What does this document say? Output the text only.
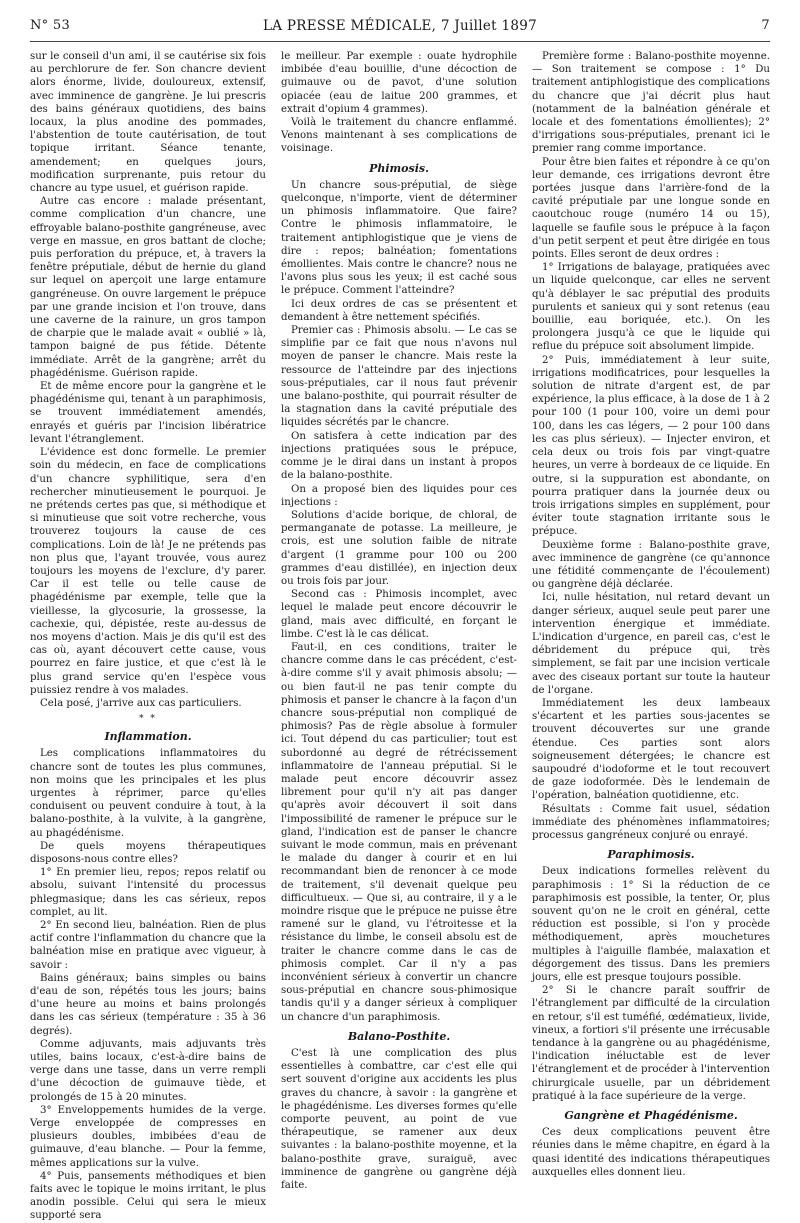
N° 53	LA PRESSE MÉDICALE, 7 Juillet 1897	7

sur le conseil d'un ami, il se cautérise six fois au perchlorure de fer. Son chancre devient alors énorme, livide, douloureux, extensif, avec imminence de gangrène. Je lui prescris des bains généraux quotidiens, des bains locaux, la plus anodine des pommades, l'abstention de toute cautérisation, de tout topique irritant. Séance tenante, amendement; en quelques jours, modification surprenante, puis retour du chancre au type usuel, et guérison rapide.

Autre cas encore : malade présentant, comme complication d'un chancre, une effroyable balano-posthite gangréneuse, avec verge en massue, en gros battant de cloche; puis perforation du prépuce, et, à travers la fenêtre préputiale, début de hernie du gland sur lequel on aperçoit une large entamure gangréneuse. On ouvre largement le prépuce par une grande incision et l'on trouve, dans une caverne de la rainure, un gros tampon de charpie que le malade avait « oublié » là, tampon baigné de pus fétide. Détente immédiate. Arrêt de la gangrène; arrêt du phagédénisme. Guérison rapide.

Et de même encore pour la gangrène et le phagédénisme qui, tenant à un paraphimosis, se trouvent immédiatement amendés, enrayés et guéris par l'incision libératrice levant l'étranglement.

L'évidence est donc formelle. Le premier soin du médecin, en face de complications d'un chancre syphilitique, sera d'en rechercher minutieusement le pourquoi. Je ne prétends certes pas que, si méthodique et si minutieuse que soit votre recherche, vous trouverez toujours la cause de ces complications. Loin de là! Je ne prétends pas non plus que, l'ayant trouvée, vous aurez toujours les moyens de l'exclure, d'y parer. Car il est telle ou telle cause de phagédénisme par exemple, telle que la vieillesse, la glycosurie, la grossesse, la cachexie, qui, dépistée, reste au-dessus de nos moyens d'action. Mais je dis qu'il est des cas où, ayant découvert cette cause, vous pourrez en faire justice, et que c'est là le plus grand service qu'en l'espèce vous puissiez rendre à vos malades.

Cela posé, j'arrive aux cas particuliers.

* *
Inflammation.

Les complications inflammatoires du chancre sont de toutes les plus communes, non moins que les principales et les plus urgentes à réprimer, parce qu'elles conduisent ou peuvent conduire à tout, à la balano-posthite, à la vulvite, à la gangrène, au phagédénisme.

De quels moyens thérapeutiques disposons-nous contre elles?

1° En premier lieu, repos; repos relatif ou absolu, suivant l'intensité du processus phlegmasique; dans les cas sérieux, repos complet, au lit.

2° En second lieu, balnéation. Rien de plus actif contre l'inflammation du chancre que la balnéation mise en pratique avec vigueur, à savoir :

Bains généraux; bains simples ou bains d'eau de son, répétés tous les jours; bains d'une heure au moins et bains prolongés dans les cas sérieux (température : 35 à 36 degrés).

Comme adjuvants, mais adjuvants très utiles, bains locaux, c'est-à-dire bains de verge dans une tasse, dans un verre rempli d'une décoction de guimauve tiède, et prolongés de 15 à 20 minutes.

3° Enveloppements humides de la verge. Verge enveloppée de compresses en plusieurs doubles, imbibées d'eau de guimauve, d'eau blanche. — Pour la femme, mêmes applications sur la vulve.

4° Puis, pansements méthodiques et bien faits avec le topique le moins irritant, le plus anodin possible. Celui qui sera le mieux supporté sera

le meilleur. Par exemple : ouate hydrophile imbibée d'eau bouillie, d'une décoction de guimauve ou de pavot, d'une solution opiacée (eau de laitue 200 grammes, et extrait d'opium 4 grammes).

Voilà le traitement du chancre enflammé. Venons maintenant à ses complications de voisinage.

Phimosis.

Un chancre sous-préputial, de siège quelconque, n'importe, vient de déterminer un phimosis inflammatoire. Que faire? Contre le phimosis inflammatoire, le traitement antiphlogistique que je viens de dire : repos; balnéation; fomentations émollientes. Mais contre le chancre? nous ne l'avons plus sous les yeux; il est caché sous le prépuce. Comment l'atteindre?

Ici deux ordres de cas se présentent et demandent à être nettement spécifiés.

Premier cas : Phimosis absolu. — Le cas se simplifie par ce fait que nous n'avons nul moyen de panser le chancre. Mais reste la ressource de l'atteindre par des injections sous-préputiales, car il nous faut prévenir une balano-posthite, qui pourrait résulter de la stagnation dans la cavité préputiale des liquides sécrétés par le chancre.

On satisfera à cette indication par des injections pratiquées sous le prépuce, comme je le dirai dans un instant à propos de la balano-posthite.

On a proposé bien des liquides pour ces injections :

Solutions d'acide borique, de chloral, de permanganate de potasse. La meilleure, je crois, est une solution faible de nitrate d'argent (1 gramme pour 100 ou 200 grammes d'eau distillée), en injection deux ou trois fois par jour.

Second cas : Phimosis incomplet, avec lequel le malade peut encore découvrir le gland, mais avec difficulté, en forçant le limbe. C'est là le cas délicat.

Faut-il, en ces conditions, traiter le chancre comme dans le cas précédent, c'est-à-dire comme s'il y avait phimosis absolu; — ou bien faut-il ne pas tenir compte du phimosis et panser le chancre à la façon d'un chancre sous-préputial non compliqué de phimosis? Pas de règle absolue à formuler ici. Tout dépend du cas particulier; tout est subordonné au degré de rétrécissement inflammatoire de l'anneau préputial. Si le malade peut encore découvrir assez librement pour qu'il n'y ait pas danger qu'après avoir découvert il soit dans l'impossibilité de ramener le prépuce sur le gland, l'indication est de panser le chancre suivant le mode commun, mais en prévenant le malade du danger à courir et en lui recommandant bien de renoncer à ce mode de traitement, s'il devenait quelque peu difficultueux. — Que si, au contraire, il y a le moindre risque que le prépuce ne puisse être ramené sur le gland, vu l'étroitesse et la résistance du limbe, le conseil absolu est de traiter le chancre comme dans le cas de phimosis complet. Car il n'y a pas inconvénient sérieux à convertir un chancre sous-préputial en chancre sous-phimosique tandis qu'il y a danger sérieux à compliquer un chancre d'un paraphimosis.

Balano-Posthite.

C'est là une complication des plus essentielles à combattre, car c'est elle qui sert souvent d'origine aux accidents les plus graves du chancre, à savoir : la gangrène et le phagédénisme. Les diverses formes qu'elle comporte peuvent, au point de vue thérapeutique, se ramener aux deux suivantes : la balano-posthite moyenne, et la balano-posthite grave, suraiguë, avec imminence de gangrène ou gangrène déjà faite.

Première forme : Balano-posthite moyenne. — Son traitement se compose : 1° Du traitement antiphlogistique des complications du chancre que j'ai décrit plus haut (notamment de la balnéation générale et locale et des fomentations émollientes); 2° d'irrigations sous-préputiales, prenant ici le premier rang comme importance.

Pour être bien faites et répondre à ce qu'on leur demande, ces irrigations devront être portées jusque dans l'arrière-fond de la cavité préputiale par une longue sonde en caoutchouc rouge (numéro 14 ou 15), laquelle se faufile sous le prépuce à la façon d'un petit serpent et peut être dirigée en tous points. Elles seront de deux ordres :

1° Irrigations de balayage, pratiquées avec un liquide quelconque, car elles ne servent qu'à déblayer le sac préputial des produits purulents et sanieux qui y sont retenus (eau bouillie, eau boriquée, etc.). On les prolongera jusqu'à ce que le liquide qui reflue du prépuce soit absolument limpide.

2° Puis, immédiatement à leur suite, irrigations modificatrices, pour lesquelles la solution de nitrate d'argent est, de par expérience, la plus efficace, à la dose de 1 à 2 pour 100 (1 pour 100, voire un demi pour 100, dans les cas légers, — 2 pour 100 dans les cas plus sérieux). — Injecter environ, et cela deux ou trois fois par vingt-quatre heures, un verre à bordeaux de ce liquide. En outre, si la suppuration est abondante, on pourra pratiquer dans la journée deux ou trois irrigations simples en supplément, pour éviter toute stagnation irritante sous le prépuce.

Deuxième forme : Balano-posthite grave, avec imminence de gangrène (ce qu'annonce une fétidité commençante de l'écoulement) ou gangrène déjà déclarée.

Ici, nulle hésitation, nul retard devant un danger sérieux, auquel seule peut parer une intervention énergique et immédiate. L'indication d'urgence, en pareil cas, c'est le débridement du prépuce qui, très simplement, se fait par une incision verticale avec des ciseaux portant sur toute la hauteur de l'organe.

Immédiatement les deux lambeaux s'écartent et les parties sous-jacentes se trouvent découvertes sur une grande étendue. Ces parties sont alors soigneusement détergées; le chancre est saupoudré d'iodoforme et le tout recouvert de gaze iodoformée. Dès le lendemain de l'opération, balnéation quotidienne, etc.

Résultats : Comme fait usuel, sédation immédiate des phénomènes inflammatoires; processus gangréneux conjuré ou enrayé.

Paraphimosis.

Deux indications formelles relèvent du paraphimosis : 1° Si la réduction de ce paraphimosis est possible, la tenter, Or, plus souvent qu'on ne le croit en général, cette réduction est possible, si l'on y procède méthodiquement, après mouchetures multiples à l'aiguille flambée, malaxation et dégorgement des tissus. Dans les premiers jours, elle est presque toujours possible.

2° Si le chancre paraît souffrir de l'étranglement par difficulté de la circulation en retour, s'il est tuméfié, œdématieux, livide, vineux, a fortiori s'il présente une irrécusable tendance à la gangrène ou au phagédénisme, l'indication inéluctable est de lever l'étranglement et de procéder à l'intervention chirurgicale usuelle, par un débridement pratiqué à la face supérieure de la verge.

Gangrène et Phagédénisme.

Ces deux complications peuvent être réunies dans le même chapitre, en égard à la quasi identité des indications thérapeutiques auxquelles elles donnent lieu.
